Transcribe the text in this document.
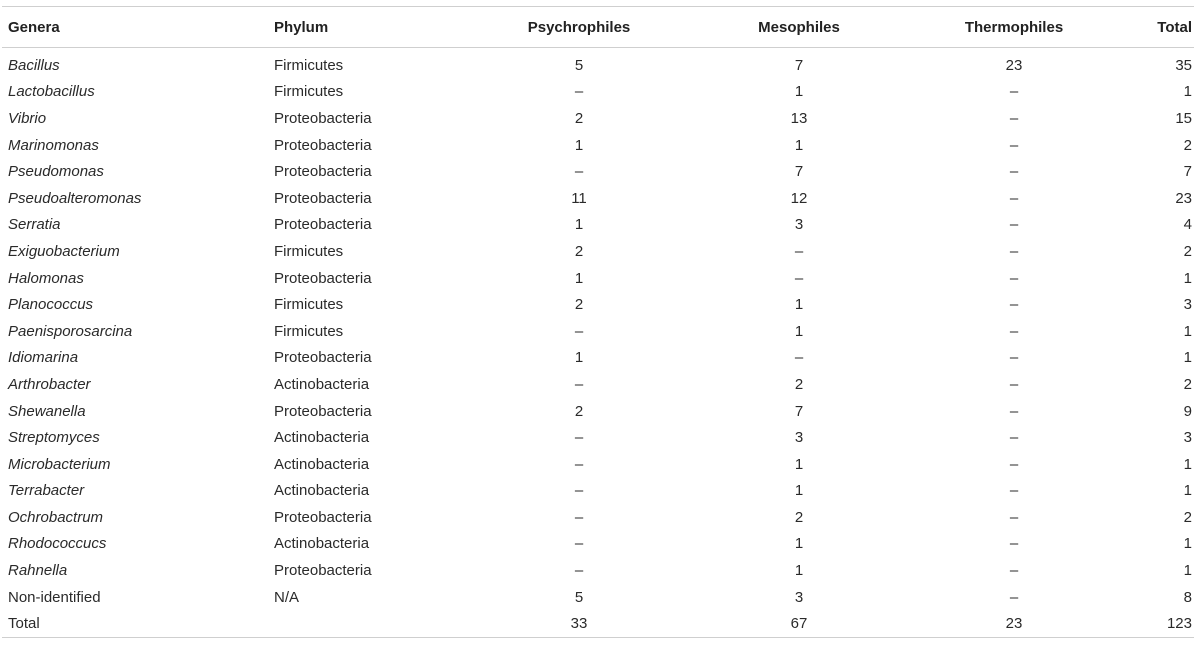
Genera	Phylum	Psychrophiles	Mesophiles	Thermophiles	Total
Bacillus	Firmicutes	5	7	23	35
Lactobacillus	Firmicutes	–	1	–	1
Vibrio	Proteobacteria	2	13	–	15
Marinomonas	Proteobacteria	1	1	–	2
Pseudomonas	Proteobacteria	–	7	–	7
Pseudoalteromonas	Proteobacteria	11	12	–	23
Serratia	Proteobacteria	1	3	–	4
Exiguobacterium	Firmicutes	2	–	–	2
Halomonas	Proteobacteria	1	–	–	1
Planococcus	Firmicutes	2	1	–	3
Paenisporosarcina	Firmicutes	–	1	–	1
Idiomarina	Proteobacteria	1	–	–	1
Arthrobacter	Actinobacteria	–	2	–	2
Shewanella	Proteobacteria	2	7	–	9
Streptomyces	Actinobacteria	–	3	–	3
Microbacterium	Actinobacteria	–	1	–	1
Terrabacter	Actinobacteria	–	1	–	1
Ochrobactrum	Proteobacteria	–	2	–	2
Rhodococcucs	Actinobacteria	–	1	–	1
Rahnella	Proteobacteria	–	1	–	1
Non-identified	N/A	5	3	–	8
Total		33	67	23	123
